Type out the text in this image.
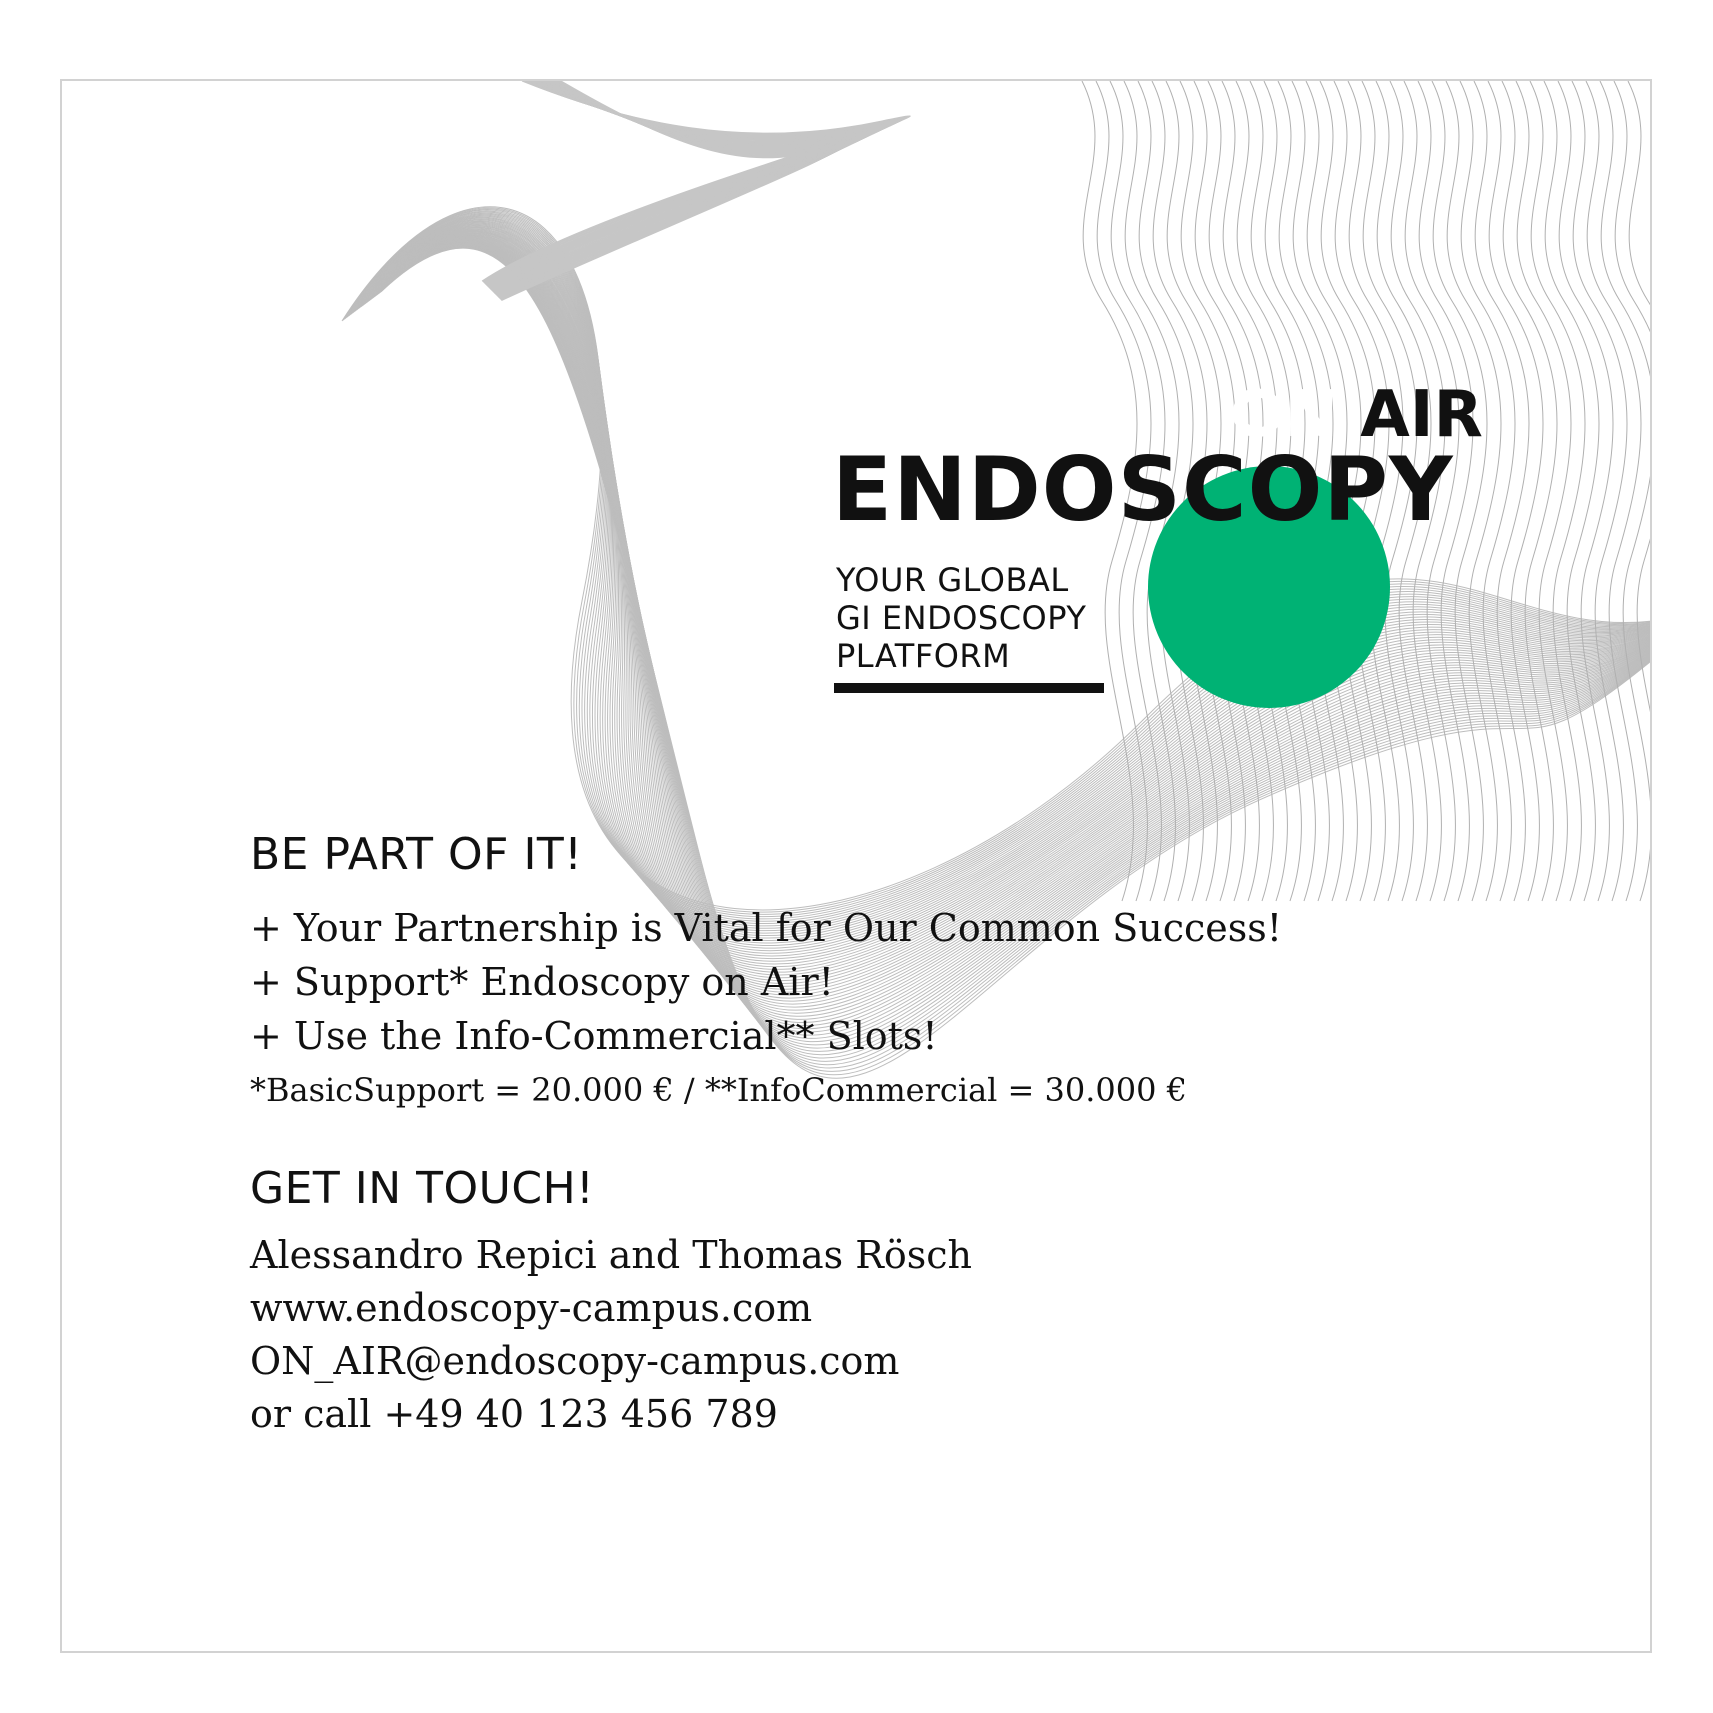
ON AIR
ENDOSCOPY
YOUR GLOBAL
GI ENDOSCOPY
PLATFORM
BE PART OF IT!
+ Your Partnership is Vital for Our Common Success!
+ Support* Endoscopy on Air!
+ Use the Info-Commercial** Slots!
*BasicSupport = 20.000 € / **InfoCommercial = 30.000 €
GET IN TOUCH!
Alessandro Repici and Thomas Rösch
www.endoscopy-campus.com
ON_AIR@endoscopy-campus.com
or call +49 40 123 456 789
